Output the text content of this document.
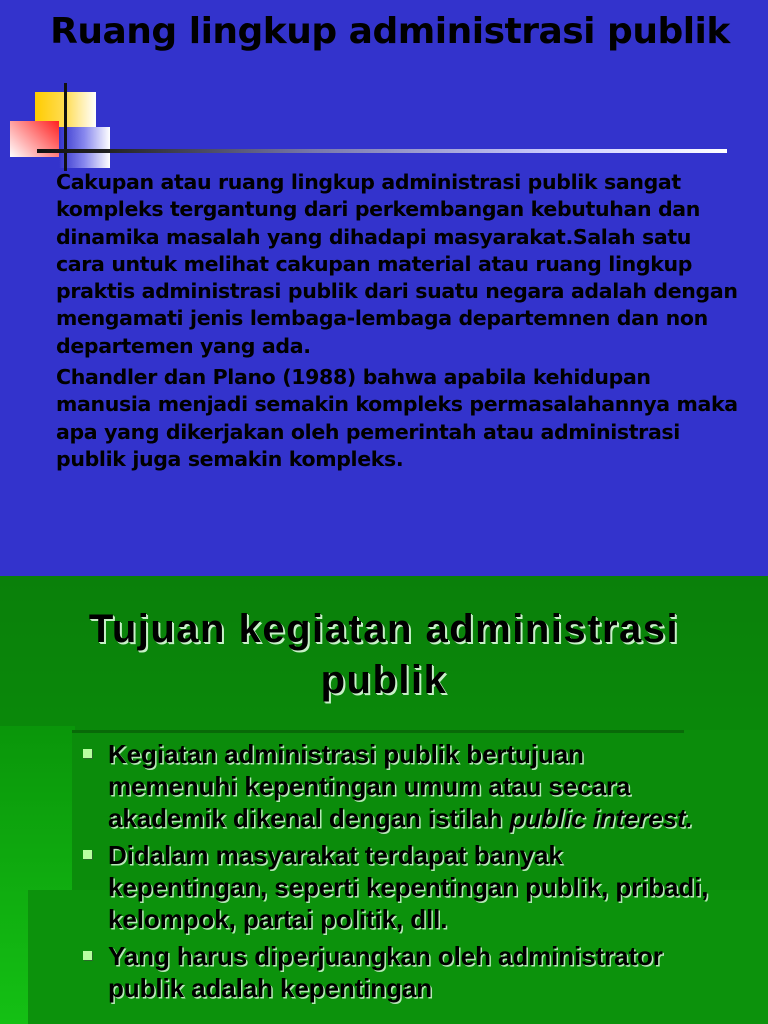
Ruang lingkup administrasi publik

Cakupan atau ruang lingkup administrasi publik sangat kompleks tergantung dari perkembangan kebutuhan dan dinamika masalah yang dihadapi masyarakat.Salah satu cara untuk melihat cakupan material atau ruang lingkup praktis administrasi publik dari suatu negara adalah dengan mengamati jenis lembaga-lembaga departemnen dan non departemen yang ada.

Chandler dan Plano (1988) bahwa apabila kehidupan manusia menjadi semakin kompleks permasalahannya maka apa yang dikerjakan oleh pemerintah atau administrasi publik juga semakin kompleks.

Tujuan kegiatan administrasi publik
Kegiatan administrasi publik bertujuan memenuhi kepentingan umum atau secara akademik dikenal dengan istilah public interest.
Didalam masyarakat terdapat banyak kepentingan, seperti kepentingan publik, pribadi, kelompok, partai politik, dll.
Yang harus diperjuangkan oleh administrator publik adalah kepentingan
